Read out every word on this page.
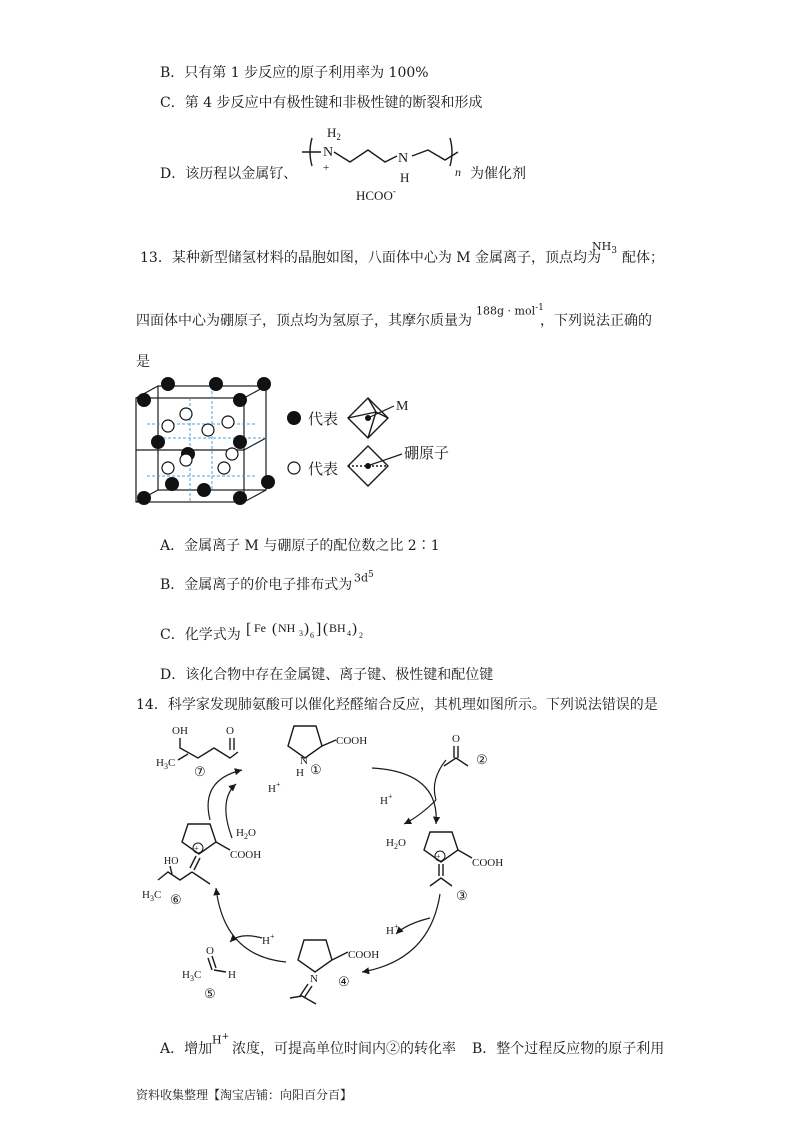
B．只有第 1 步反应的原子利用率为 100%
C．第 4 步反应中有极性键和非极性键的断裂和形成
D．该历程以金属钌、
$H_2$
N
+
N
H	n
HCOO-
为催化剂
13．某种新型储氢材料的晶胞如图，八面体中心为 M 金属离子，顶点均为
$NH_3$ 配体；
四面体中心为硼原子，顶点均为氢原子，其摩尔质量为
188g · mol$^{-1}$
，下列说法正确的
是
代表
代表
M
硼原子
A．金属离子 M 与硼原子的配位数之比 2∶1
B．金属离子的价电子排布式为 $3d^5$
C．化学式为 [ Fe ( NH 3 ) 6 ] ( BH 4 ) 2
D．该化合物中存在金属键、离子键、极性键和配位键
14．科学家发现肺氨酸可以催化羟醛缩合反应，其机理如图所示。下列说法错误的是
OH	O
$H_3C$
⑦
COOH
N
H ①
O
②
+
COOH
③
COOH
N ④
O
H
$H_3C$
⑤
+
COOH
HO
$H_3C$ ⑥
H+
$H_2O$
H+
H+
$H_2O$
H+
A．增加
H+
浓度，可提高单位时间内②的转化率 B．整个过程反应物的原子利用
资料收集整理【淘宝店铺：向阳百分百】
